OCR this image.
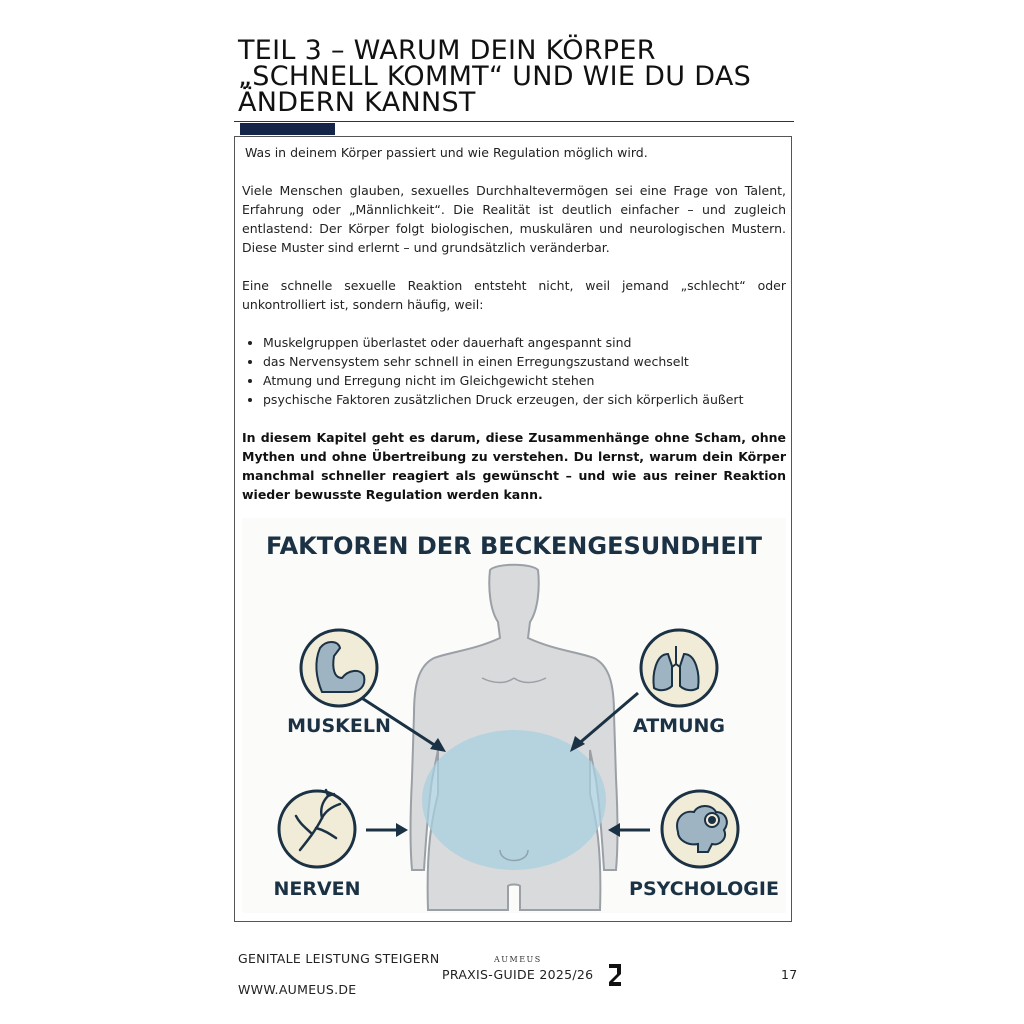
TEIL 3 – WARUM DEIN KÖRPER „SCHNELL KOMMT“ UND WIE DU DAS ÄNDERN KANNST
Was in deinem Körper passiert und wie Regulation möglich wird.

Viele Menschen glauben, sexuelles Durchhaltevermögen sei eine Frage von Talent, Erfahrung oder „Männlichkeit“. Die Realität ist deutlich einfacher – und zugleich entlastend: Der Körper folgt biologischen, muskulären und neurologischen Mustern. Diese Muster sind erlernt – und grundsätzlich veränderbar.

Eine schnelle sexuelle Reaktion entsteht nicht, weil jemand „schlecht“ oder unkontrolliert ist, sondern häufig, weil:

• Muskelgruppen überlastet oder dauerhaft angespannt sind
• das Nervensystem sehr schnell in einen Erregungszustand wechselt
• Atmung und Erregung nicht im Gleichgewicht stehen
• psychische Faktoren zusätzlichen Druck erzeugen, der sich körperlich äußert

In diesem Kapitel geht es darum, diese Zusammenhänge ohne Scham, ohne Mythen und ohne Übertreibung zu verstehen. Du lernst, warum dein Körper manchmal schneller reagiert als gewünscht – und wie aus reiner Reaktion wieder bewusste Regulation werden kann.

FAKTOREN DER BECKENGESUNDHEIT
MUSKELN	ATMUNG
NERVEN	PSYCHOLOGIE
GENITALE LEISTUNG STEIGERN	AUMEUS
PRAXIS-GUIDE 2025/26	17
WWW.AUMEUS.DE
